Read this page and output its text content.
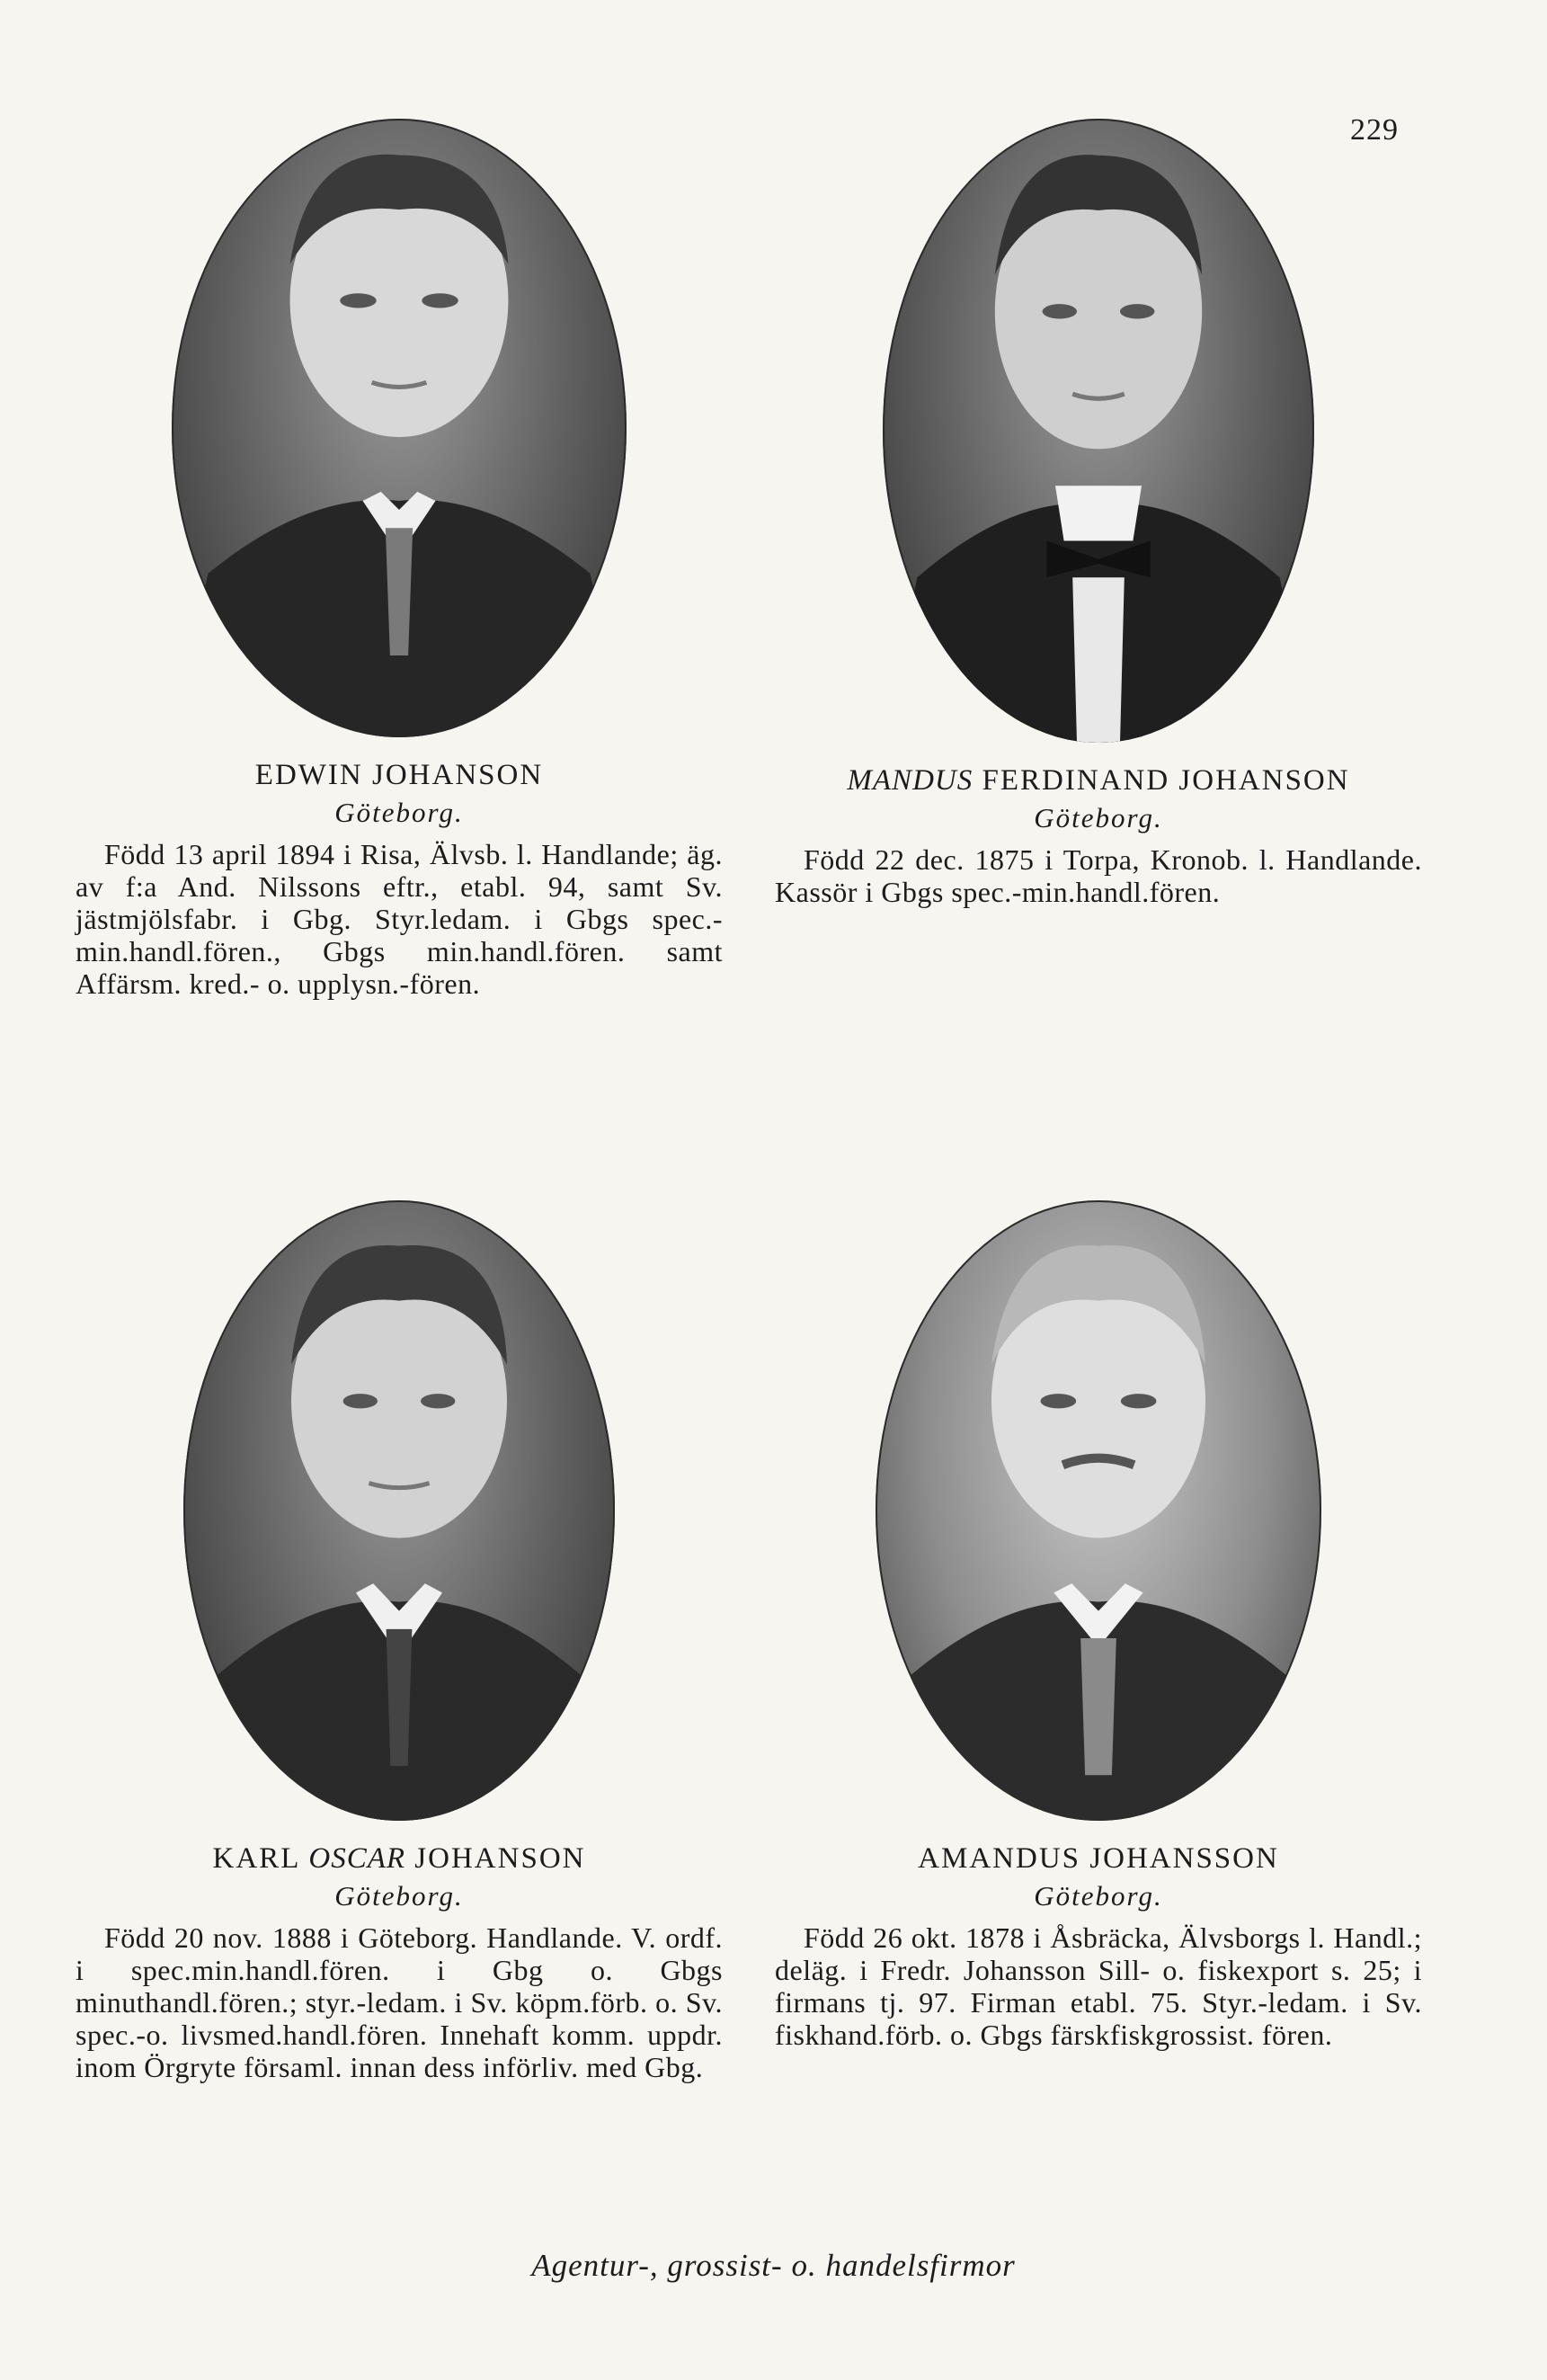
229
EDWIN JOHANSON
Göteborg.
Född 13 april 1894 i Risa, Älvsb. l. Handlande; äg. av f:a And. Nilssons eftr., etabl. 94, samt Sv. jästmjölsfabr. i Gbg. Styr.ledam. i Gbgs spec.-min.handl.fören., Gbgs min.handl.fören. samt Affärsm. kred.- o. upplysn.-fören.
MANDUS FERDINAND JOHANSON
Göteborg.
Född 22 dec. 1875 i Torpa, Kronob. l. Handlande. Kassör i Gbgs spec.-min.handl.fören.
KARL OSCAR JOHANSON
Göteborg.
Född 20 nov. 1888 i Göteborg. Handlande. V. ordf. i spec.min.handl.fören. i Gbg o. Gbgs minuthandl.fören.; styr.-ledam. i Sv. köpm.förb. o. Sv. spec.-o. livsmed.handl.fören. Innehaft komm. uppdr. inom Örgryte församl. innan dess införliv. med Gbg.
AMANDUS JOHANSSON
Göteborg.
Född 26 okt. 1878 i Åsbräcka, Älvsborgs l. Handl.; deläg. i Fredr. Johansson Sill- o. fiskexport s. 25; i firmans tj. 97. Firman etabl. 75. Styr.-ledam. i Sv. fiskhand.förb. o. Gbgs färskfiskgrossist. fören.
Agentur-, grossist- o. handelsfirmor
